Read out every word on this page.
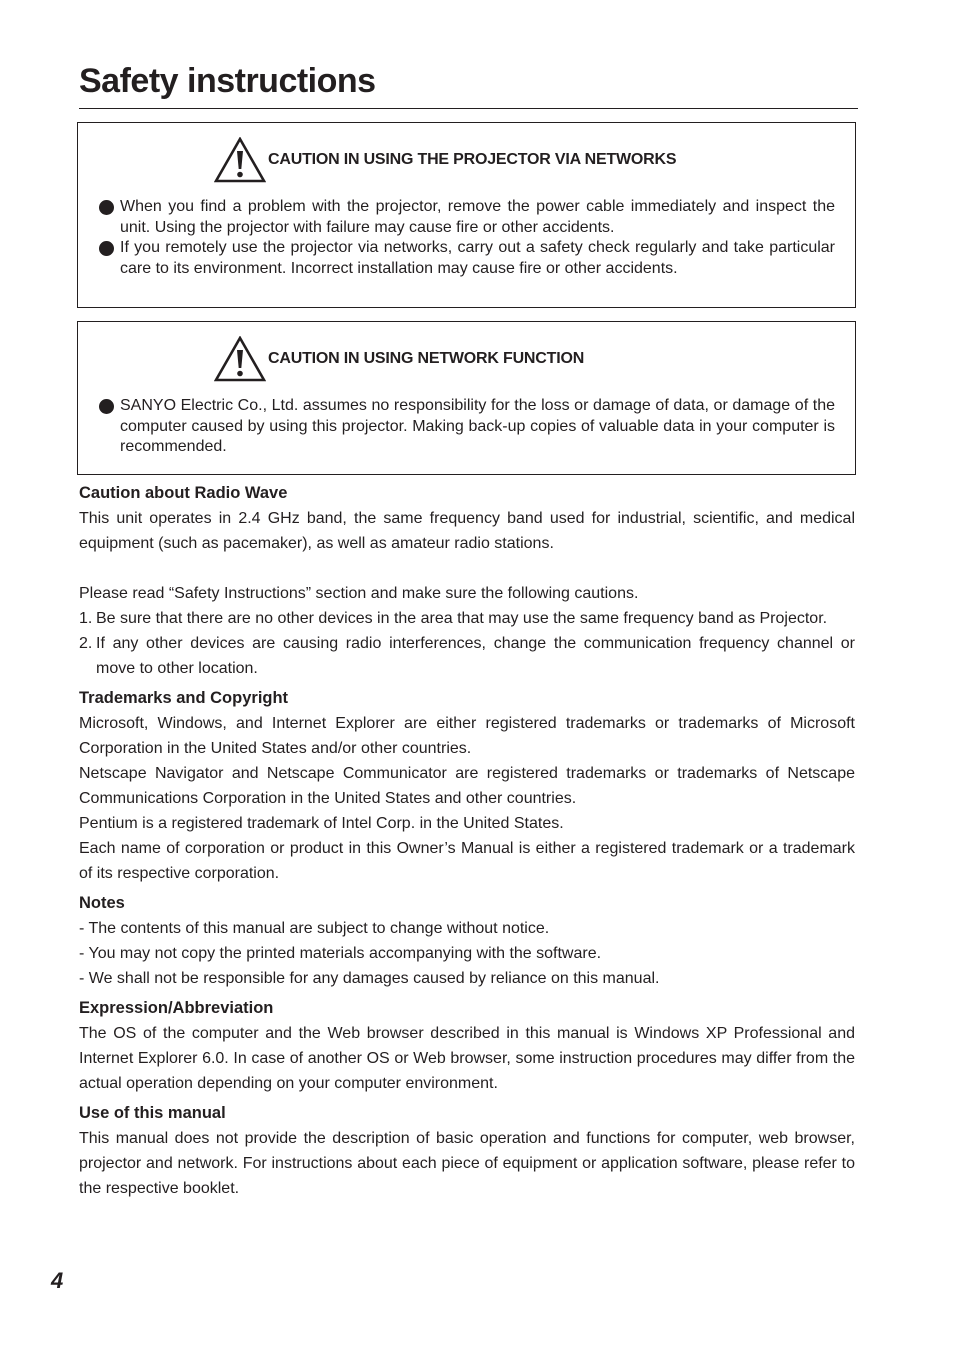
Safety instructions
CAUTION IN USING THE PROJECTOR VIA NETWORKS
When you find a problem with the projector, remove the power cable immediately and inspect the unit. Using the projector with failure may cause fire or other accidents.
If you remotely use the projector via networks, carry out a safety check regularly and take particular care to its environment. Incorrect installation may cause fire or other accidents.
CAUTION IN USING NETWORK FUNCTION
SANYO Electric Co., Ltd. assumes no responsibility for the loss or damage of data, or damage of the computer caused by using this projector. Making back-up copies of valuable data in your computer is recommended.
Caution about Radio Wave

This unit operates in 2.4 GHz band, the same frequency band used for industrial, scientific, and medical equipment (such as pacemaker), as well as amateur radio stations.

Please read “Safety Instructions” section and make sure the following cautions.

1. Be sure that there are no other devices in the area that may use the same frequency band as Projector.
2. If any other devices are causing radio interferences, change the communication frequency channel or move to other location.
Trademarks and Copyright

Microsoft, Windows, and Internet Explorer are either registered trademarks or trademarks of Microsoft Corporation in the United States and/or other countries.

Netscape Navigator and Netscape Communicator are registered trademarks or trademarks of Netscape Communications Corporation in the United States and other countries.

Pentium is a registered trademark of Intel Corp. in the United States.

Each name of corporation or product in this Owner’s Manual is either a registered trademark or a trademark of its respective corporation.

Notes

- The contents of this manual are subject to change without notice.

- You may not copy the printed materials accompanying with the software.

- We shall not be responsible for any damages caused by reliance on this manual.

Expression/Abbreviation

The OS of the computer and the Web browser described in this manual is Windows XP Professional and Internet Explorer 6.0. In case of another OS or Web browser, some instruction procedures may differ from the actual operation depending on your computer environment.

Use of this manual

This manual does not provide the description of basic operation and functions for computer, web browser, projector and network. For instructions about each piece of equipment or application software, please refer to the respective booklet.

4
